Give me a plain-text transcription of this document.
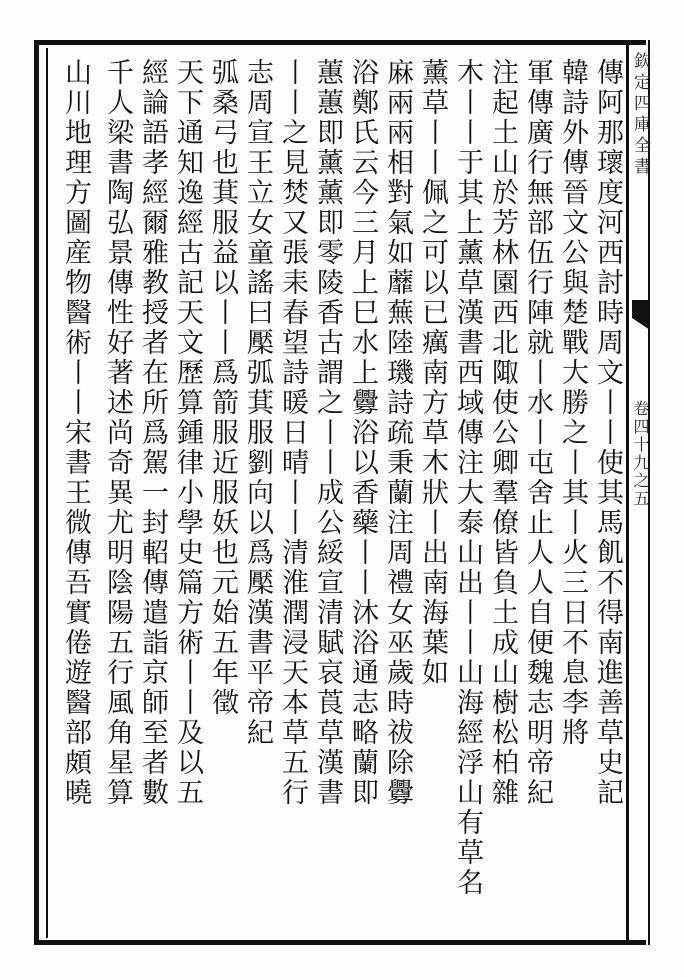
欽定四庫全書
卷四十九之五
傳阿那瓌度河西討時周文丨丨使其馬飢不得南進善草史記
韓詩外傳晉文公與楚戰大勝之丨其丨火三日不息李將
軍傳廣行無部伍行陣就丨水丨屯舍止人人自便魏志明帝紀
注起土山於芳林園西北陬使公卿羣僚皆負土成山樹松柏雜
木丨丨于其上薰草漢書西域傳注大泰山出丨丨山海經浮山有草名
薰草丨丨佩之可以已癘南方草木狀丨出南海葉如
麻兩兩相對氣如蘼蕪陸璣詩疏秉蘭注周禮女巫歲時祓除釁
浴鄭氏云今三月上巳水上釁浴以香藥丨丨沐浴通志略蘭即
蕙蕙即薰薰即零陵香古謂之丨丨成公綏宣清賦哀莨草漢書
丨丨之見焚又張耒春望詩暖日晴丨丨清淮潤浸天本草五行
志周宣王立女童謠曰檿弧萁服劉向以爲檿漢書平帝紀
弧桑弓也萁服益以丨丨爲箭服近服妖也元始五年徵
天下通知逸經古記天文歷算鍾律小學史篇方術丨丨及以五
經論語孝經爾雅教授者在所爲駕一封軺傳遣詣京師至者數
千人梁書陶弘景傳性好著述尚奇異尤明陰陽五行風角星算
山川地理方圖産物醫術丨丨宋書王微傳吾實倦遊醫部頗曉
